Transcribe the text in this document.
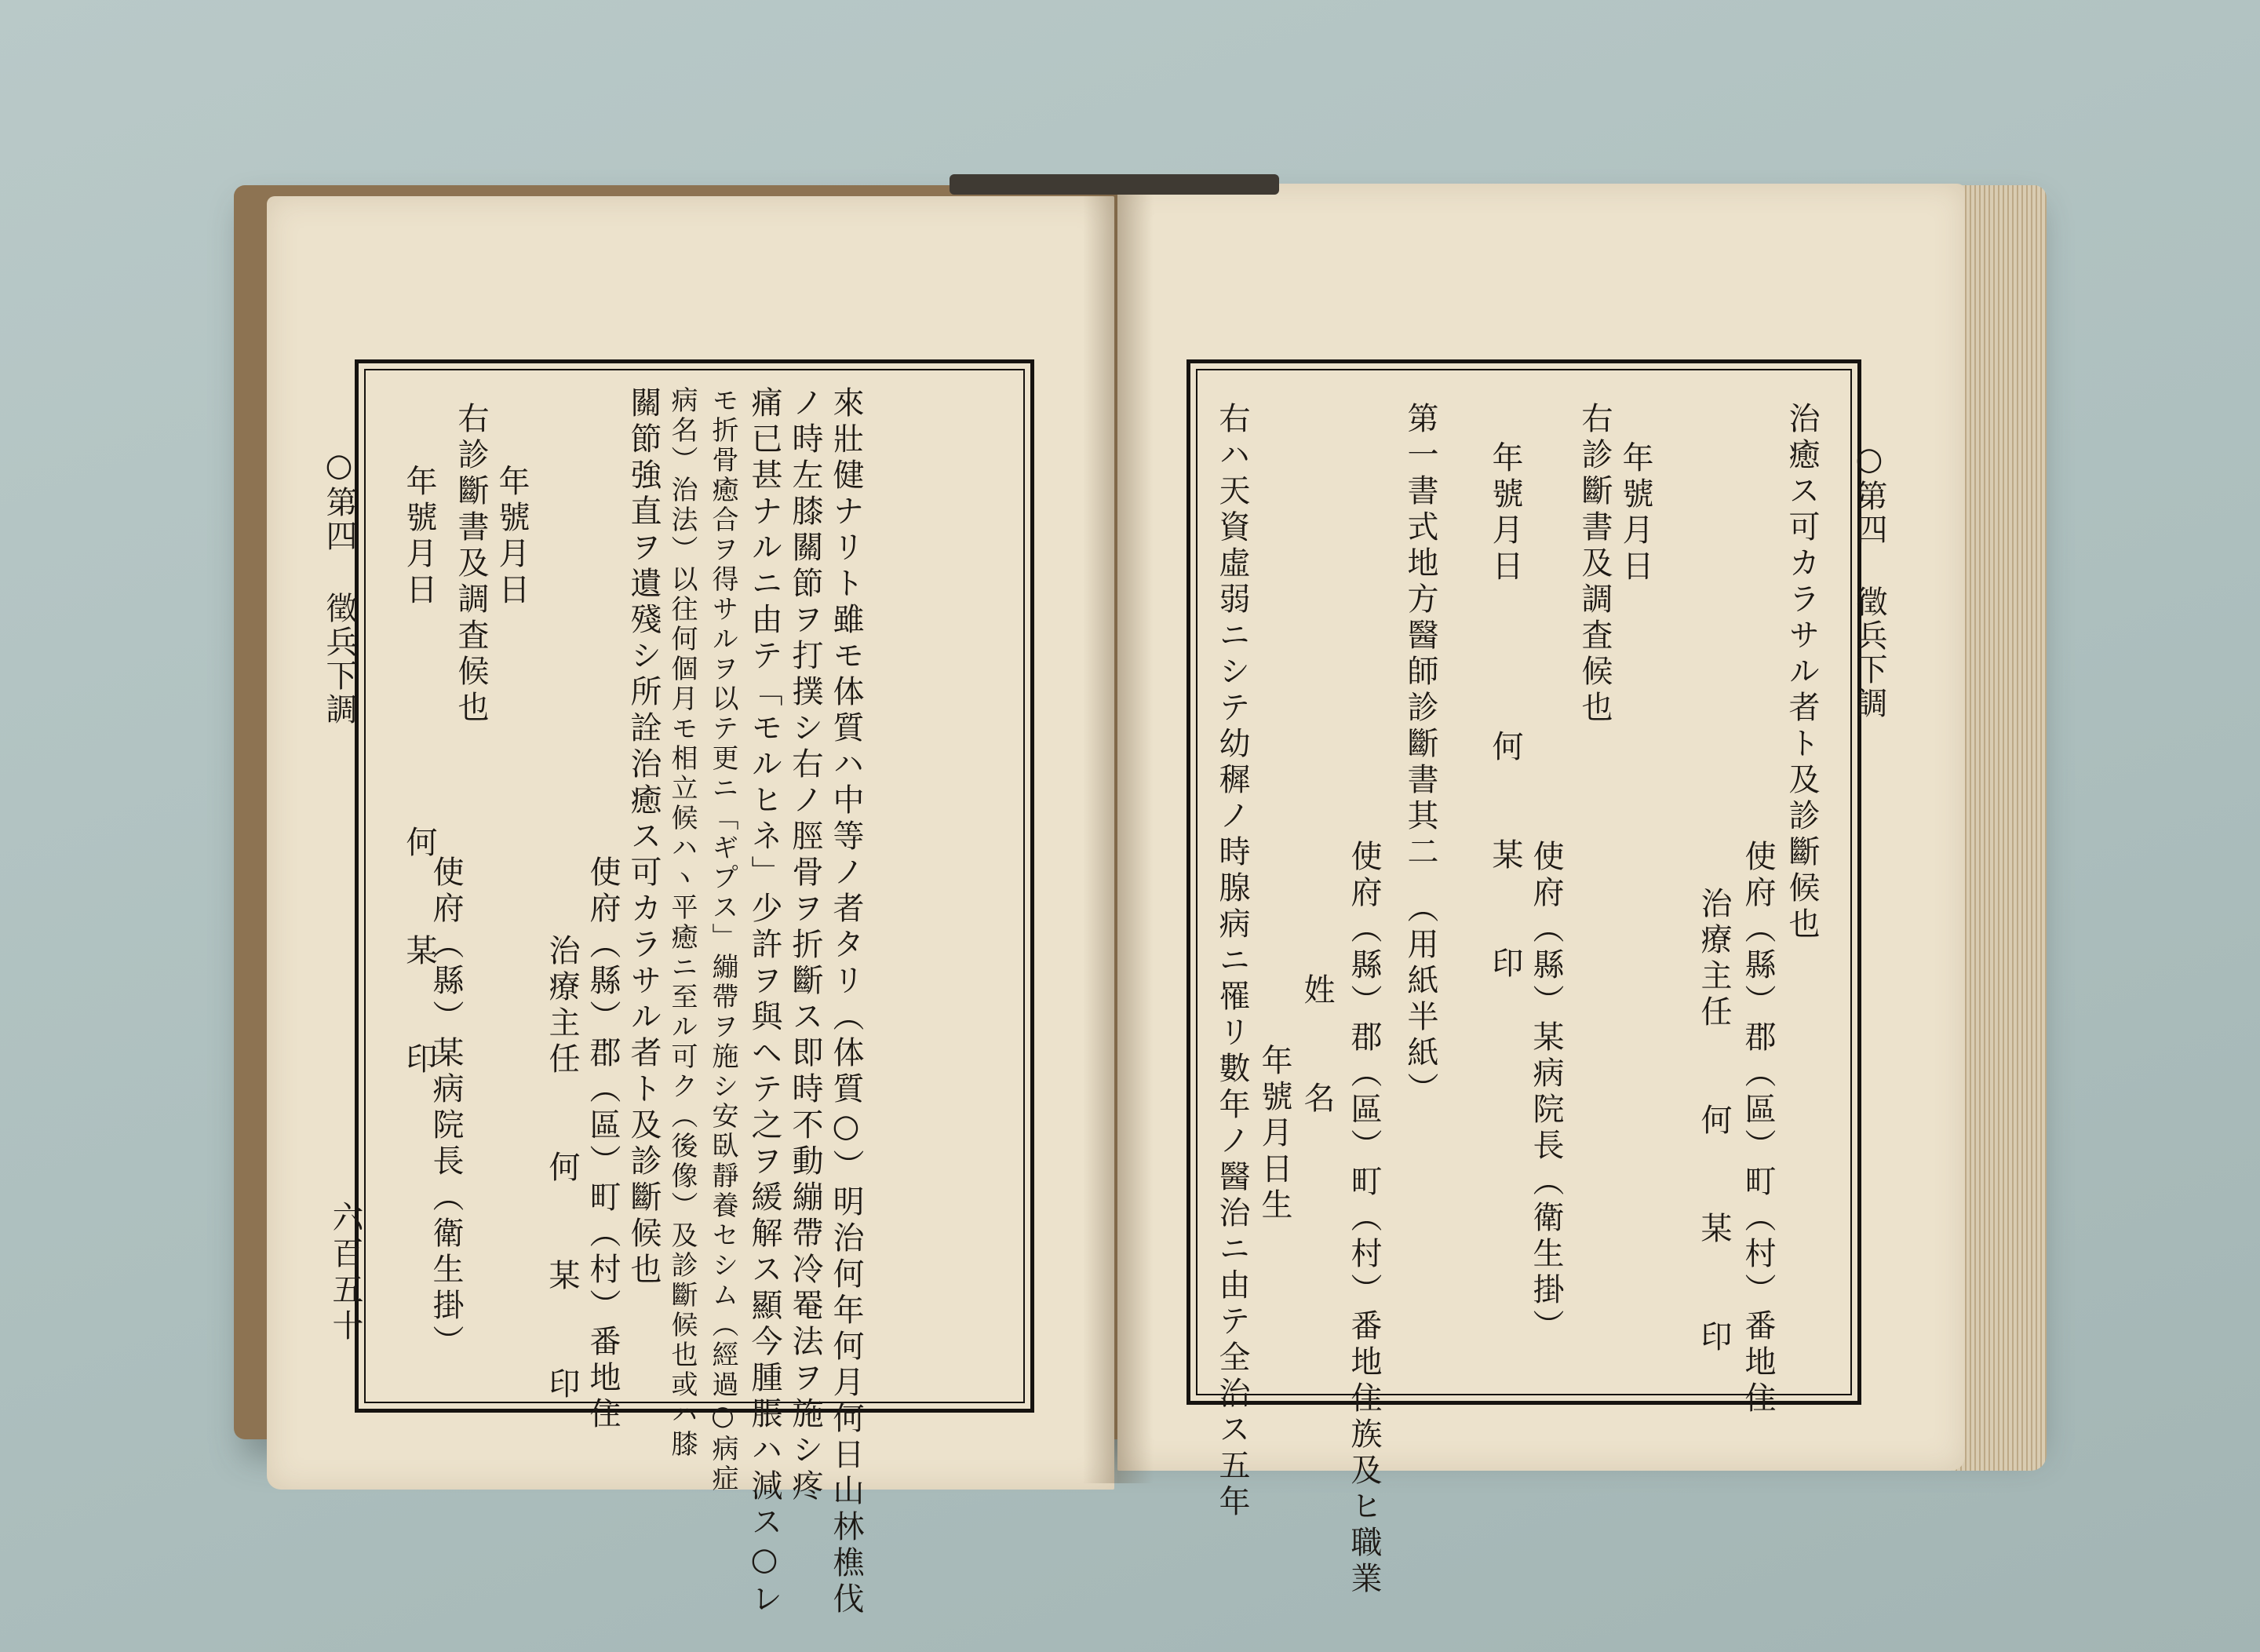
○第四 徵兵下調
六百五十	來壯健ナリト雖モ体質ハ中等ノ者タリ（体質○）明治何年何月何日山林樵伐
ノ時左膝關節ヲ打撲シ右ノ脛骨ヲ折斷ス即時不動繃帶冷罨法ヲ施シ疼
痛已甚ナルニ由テ「モルヒネ」少許ヲ與ヘテ之ヲ緩解ス顯今腫脹ハ減ス○レ
モ折骨癒合ヲ得サルヲ以テ更ニ「ギプス」繃帶ヲ施シ安臥靜養セシム（經過○病症
病名）治法）以往何個月モ相立候ハヽ平癒ニ至ル可ク（後像）及診斷候也或ハ膝
關節強直ヲ遺殘シ所詮治癒ス可カラサル者ト及診斷候也
使府（縣）郡（區）町（村）番地住
治療主任　　何　　某　　印
年號月日
右診斷書及調査候也
使府（縣）某病院長（衛生掛）
年號月日　　　　　　何　　某　　印	○第四 徵兵下調
治癒ス可カラサル者ト及診斷候也
使府（縣）郡（區）町（村）番地住
治療主任　　何　　某　　印
年號月日
右診斷書及調査候也
使府（縣）某病院長（衛生掛）
年號月日　　　　何　　某　　印
第一書式地方醫師診斷書其二　（用紙半紙）
使府（縣）郡（區）町（村）番地住族及ヒ職業
姓　　名
年號月日生
右ハ天資虛弱ニシテ幼穉ノ時腺病ニ罹リ數年ノ醫治ニ由テ全治ス五年
